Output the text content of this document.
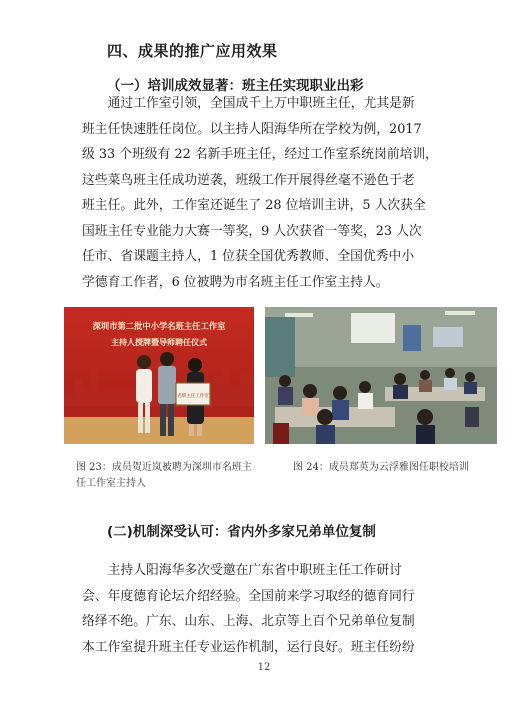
四、成果的推广应用效果
（一）培训成效显著：班主任实现职业出彩

　　通过工作室引领，全国成千上万中职班主任，尤其是新
班主任快速胜任岗位。以主持人阳海华所在学校为例，2017
级 33 个班级有 22 名新手班主任，经过工作室系统岗前培训，
这些菜鸟班主任成功逆袭，班级工作开展得丝毫不逊色于老
班主任。此外，工作室还诞生了 28 位培训主讲，5 人次获全
国班主任专业能力大赛一等奖，9 人次获省一等奖，23 人次
任市、省课题主持人，1 位获全国优秀教师、全国优秀中小
学德育工作者，6 位被聘为市名班主任工作室主持人。

深圳市第二批中小学名班主任工作室
主持人授牌暨导师聘任仪式
名班主任工作室
图 23：成员贺近岚被聘为深圳市名班主任工作室主持人
图 24：成员郑英为云浮雅图任职校培训
(二)机制深受认可：省内外多家兄弟单位复制

　　主持人阳海华多次受邀在广东省中职班主任工作研讨
会、年度德育论坛介绍经验。全国前来学习取经的德育同行
络绎不绝。广东、山东、上海、北京等上百个兄弟单位复制
本工作室提升班主任专业运作机制，运行良好。班主任纷纷

12
